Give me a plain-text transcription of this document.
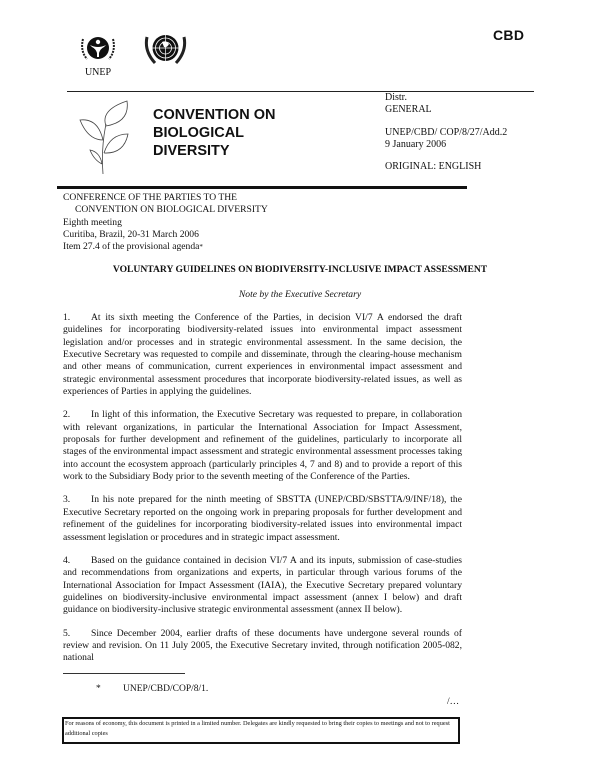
CBD
UNEP
CONVENTION ON
BIOLOGICAL
DIVERSITY

Distr.

GENERAL

UNEP/CBD/ COP/8/27/Add.2

9 January 2006

ORIGINAL: ENGLISH

CONFERENCE OF THE PARTIES TO THE

CONVENTION ON BIOLOGICAL DIVERSITY

Eighth meeting

Curitiba, Brazil, 20-31 March 2006

Item 27.4 of the provisional agenda*

VOLUNTARY GUIDELINES ON BIODIVERSITY-INCLUSIVE IMPACT ASSESSMENT
Note by the Executive Secretary

1. At its sixth meeting the Conference of the Parties, in decision VI/7 A endorsed the draft guidelines for incorporating biodiversity-related issues into environmental impact assessment legislation and/or processes and in strategic environmental assessment. In the same decision, the Executive Secretary was requested to compile and disseminate, through the clearing-house mechanism and other means of communication, current experiences in environmental impact assessment and strategic environmental assessment procedures that incorporate biodiversity-related issues, as well as experiences of Parties in applying the guidelines.

2. In light of this information, the Executive Secretary was requested to prepare, in collaboration with relevant organizations, in particular the International Association for Impact Assessment, proposals for further development and refinement of the guidelines, particularly to incorporate all stages of the environmental impact assessment and strategic environmental assessment processes taking into account the ecosystem approach (particularly principles 4, 7 and 8) and to provide a report of this work to the Subsidiary Body prior to the seventh meeting of the Conference of the Parties.

3. In his note prepared for the ninth meeting of SBSTTA (UNEP/CBD/SBSTTA/9/INF/18), the Executive Secretary reported on the ongoing work in preparing proposals for further development and refinement of the guidelines for incorporating biodiversity-related issues into environmental impact assessment legislation or procedures and in strategic impact assessment.

4. Based on the guidance contained in decision VI/7 A and its inputs, submission of case-studies and recommendations from organizations and experts, in particular through various forums of the International Association for Impact Assessment (IAIA), the Executive Secretary prepared voluntary guidelines on biodiversity-inclusive environmental impact assessment (annex I below) and draft guidance on biodiversity-inclusive strategic environmental assessment (annex II below).

5. Since December 2004, earlier drafts of these documents have undergone several rounds of review and revision. On 11 July 2005, the Executive Secretary invited, through notification 2005-082, national

* UNEP/CBD/COP/8/1.
/…
For reasons of economy, this document is printed in a limited number. Delegates are kindly requested to bring their copies to meetings and not to request additional copies
